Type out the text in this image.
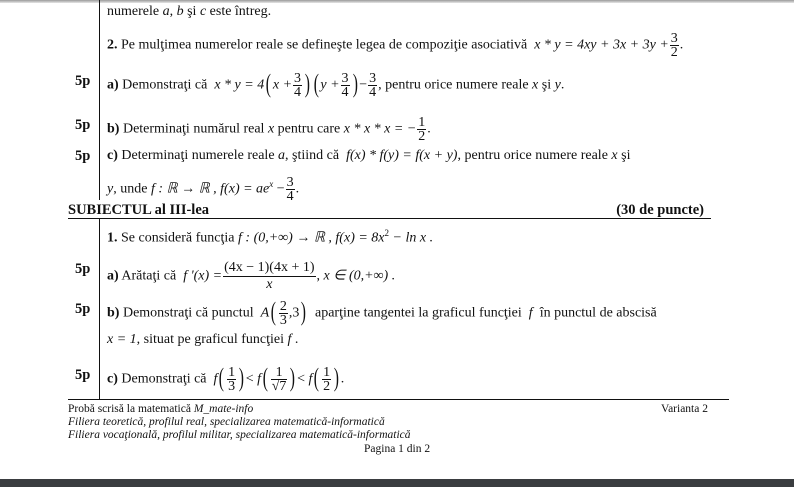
numerele a, b şi c este întreg.
2. Pe mulţimea numerelor reale se defineşte legea de compoziţie asociativă $x * y = 4xy + 3x + 3y + \frac{3}{2}$ .
5p a) Demonstraţi că x * y = 4( $x + \frac{3}{4}$ ) ( $y + \frac{3}{4}$ ) − $\frac{3}{4}$ , pentru orice numere reale x şi y.
5p b) Determinaţi numărul real x pentru care x * x * x = − $\frac{1}{2}$ .
5p c) Determinaţi numerele reale a, ştiind că f(x) * f(y) = f(x + y), pentru orice numere reale x şi
y, unde f : ℝ → ℝ , $f(x) = ae^x - \frac{3}{4}$ .
SUBIECTUL al III-lea	(30 de puncte)
1. Se consideră funcţia f : (0,+∞) → ℝ , $f(x) = 8x^2 - \ln x$ .
5p a) Arătaţi că f '$(x) = \frac{(4x - 1)(4x + 1)}{x}$ , x ∈ (0,+∞) .
5p b) Demonstraţi că punctul $A( \frac{2}{3} ,3)$ aparţine tangentei la graficul funcţiei f în punctul de abscisă
x = 1, situat pe graficul funcţiei f .
5p c) Demonstraţi că $f( \frac{1}{3}$ ) < $f( \frac{1}{√7}$ ) < $f( \frac{1}{2}$ ) .
Probă scrisă la matematică M_mate-info	Varianta 2
Filiera teoretică, profilul real, specializarea matematică-informatică
Filiera vocaţională, profilul militar, specializarea matematică-informatică
Pagina 1 din 2
